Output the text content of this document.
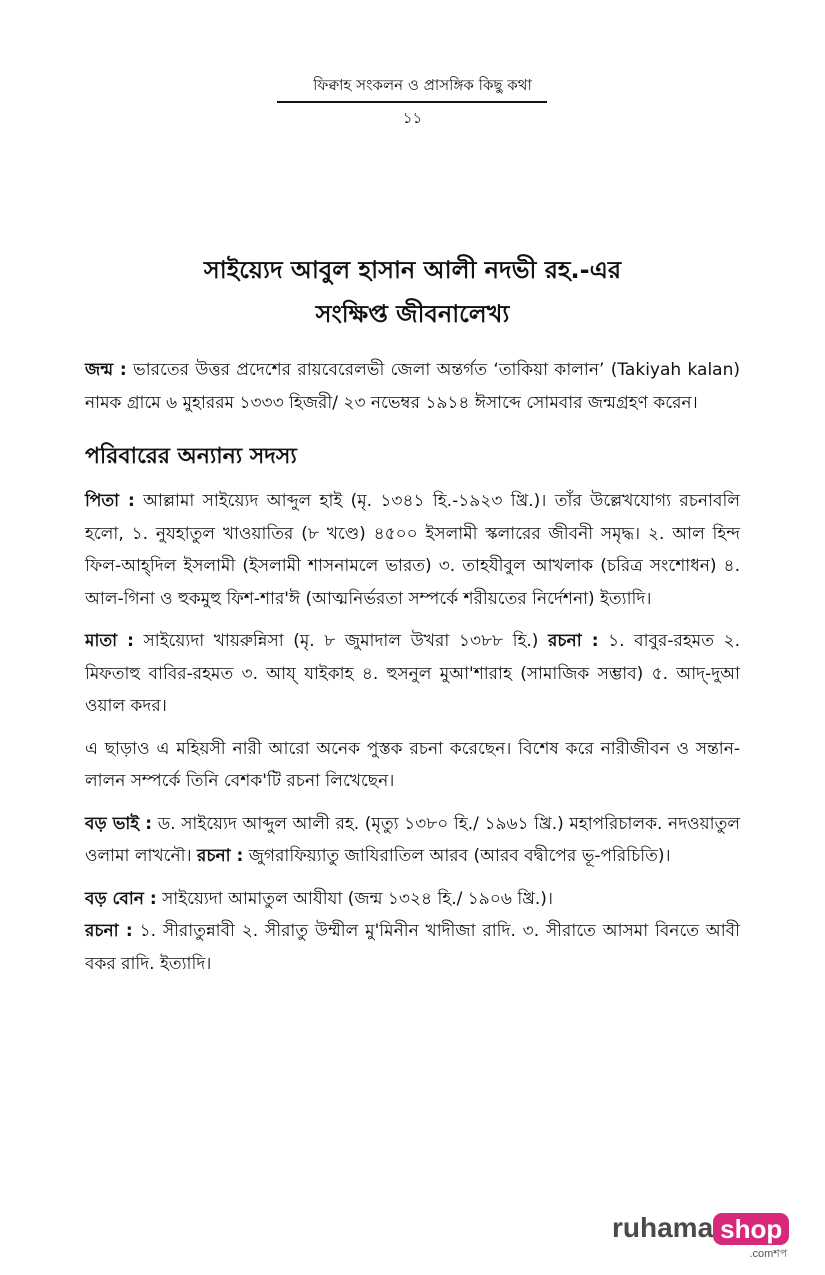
ফিক্বাহ সংকলন ও প্রাসঙ্গিক কিছু কথা
১১
সাইয়্যেদ আবুল হাসান আলী নদভী রহ.-এর
সংক্ষিপ্ত জীবনালেখ্য

জন্ম : ভারতের উত্তর প্রদেশের রায়বেরেলভী জেলা অন্তর্গত ‘তাকিয়া কালান’ (Takiyah kalan) নামক গ্রামে ৬ মুহাররম ১৩৩৩ হিজরী/ ২৩ নভেম্বর ১৯১৪ ঈসাব্দে সোমবার জন্মগ্রহণ করেন।

পরিবারের অন্যান্য সদস্য

পিতা : আল্লামা সাইয়্যেদ আব্দুল হাই (মৃ. ১৩৪১ হি.-১৯২৩ খ্রি.)। তাঁর উল্লেখযোগ্য রচনাবলি হলো, ১. নুযহাতুল খাওয়াতির (৮ খণ্ডে) ৪৫০০ ইসলামী স্কলারের জীবনী সমৃদ্ধ। ২. আল হিন্দ ফিল-আহ্‌দিল ইসলামী (ইসলামী শাসনামলে ভারত) ৩. তাহযীবুল আখলাক (চরিত্র সংশোধন) ৪. আল-গিনা ও হুকমুহু ফিশ-শার'ঈ (আত্মনির্ভরতা সম্পর্কে শরীয়তের নির্দেশনা) ইত্যাদি।

মাতা : সাইয়্যেদা খায়রুন্নিসা (মৃ. ৮ জুমাদাল উখরা ১৩৮৮ হি.) রচনা : ১. বাবুর-রহমত ২. মিফতাহু বাবির-রহমত ৩. আয্ যাইকাহ ৪. হুসনুল মুআ'শারাহ (সামাজিক সম্ভাব) ৫. আদ্-দুআ ওয়াল কদর।

এ ছাড়াও এ মহিয়সী নারী আরো অনেক পুস্তক রচনা করেছেন। বিশেষ করে নারীজীবন ও সন্তান-লালন সম্পর্কে তিনি বেশক'টি রচনা লিখেছেন।

বড় ভাই : ড. সাইয়্যেদ আব্দুল আলী রহ. (মৃত্যু ১৩৮০ হি./ ১৯৬১ খ্রি.) মহাপরিচালক. নদওয়াতুল ওলামা লাখনৌ। রচনা : জুগরাফিয়্যাতু জাযিরাতিল আরব (আরব বদ্বীপের ভূ-পরিচিতি)।

বড় বোন : সাইয়্যেদা আমাতুল আযীযা (জন্ম ১৩২৪ হি./ ১৯০৬ খ্রি.)।
রচনা : ১. সীরাতুন্নাবী ২. সীরাতু উম্মীল মু'মিনীন খাদীজা রাদি. ৩. সীরাতে আসমা বিনতে আবী বকর রাদি. ইত্যাদি।

ruhama shop
.comশপ
